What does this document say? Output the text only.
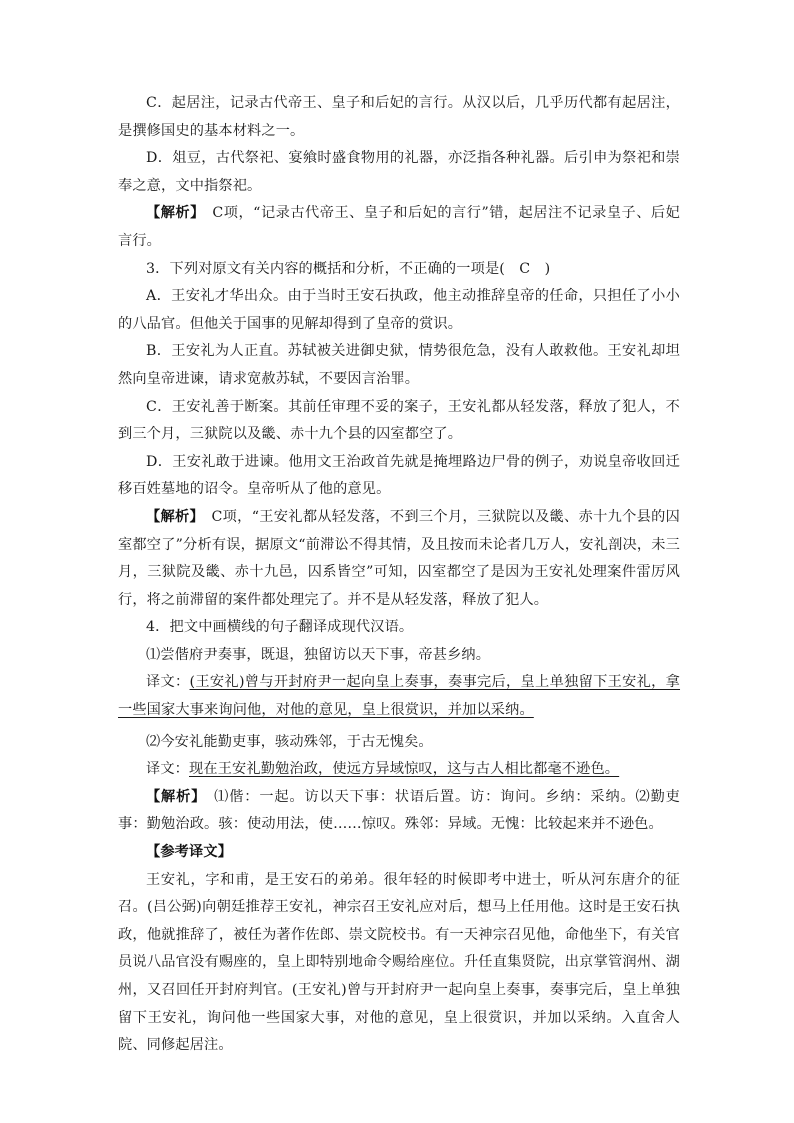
C．起居注，记录古代帝王、皇子和后妃的言行。从汉以后，几乎历代都有起居注，是撰修国史的基本材料之一。

D．俎豆，古代祭祀、宴飨时盛食物用的礼器，亦泛指各种礼器。后引申为祭祀和崇奉之意，文中指祭祀。

【解析】　 C项，“记录古代帝王、皇子和后妃的言行”错，起居注不记录皇子、后妃言行。

3．下列对原文有关内容的概括和分析，不正确的一项是(　C　)

A．王安礼才华出众。由于当时王安石执政，他主动推辞皇帝的任命，只担任了小小的八品官。但他关于国事的见解却得到了皇帝的赏识。

B．王安礼为人正直。苏轼被关进御史狱，情势很危急，没有人敢救他。王安礼却坦然向皇帝进谏，请求宽赦苏轼，不要因言治罪。

C．王安礼善于断案。其前任审理不妥的案子，王安礼都从轻发落，释放了犯人，不到三个月，三狱院以及畿、赤十九个县的囚室都空了。

D．王安礼敢于进谏。他用文王治政首先就是掩埋路边尸骨的例子，劝说皇帝收回迁移百姓墓地的诏令。皇帝听从了他的意见。

【解析】　 C项，“王安礼都从轻发落，不到三个月，三狱院以及畿、赤十九个县的囚室都空了”分析有误，据原文“前滞讼不得其情，及且按而未论者几万人，安礼剖决，未三月，三狱院及畿、赤十九邑，囚系皆空”可知，囚室都空了是因为王安礼处理案件雷厉风行，将之前滞留的案件都处理完了。并不是从轻发落，释放了犯人。

4．把文中画横线的句子翻译成现代汉语。

⑴尝偕府尹奏事，既退，独留访以天下事，帝甚乡纳。

译文：(王安礼)曾与开封府尹一起向皇上奏事，奏事完后，皇上单独留下王安礼，拿一些国家大事来询问他，对他的意见，皇上很赏识，并加以采纳。

⑵今安礼能勤吏事，骇动殊邻，于古无愧矣。

译文：现在王安礼勤勉治政，使远方异域惊叹，这与古人相比都毫不逊色。

【解析】　 ⑴偕：一起。访以天下事：状语后置。访：询问。乡纳：采纳。⑵勤吏事：勤勉治政。骇：使动用法，使……惊叹。殊邻：异域。无愧：比较起来并不逊色。

【参考译文】

王安礼，字和甫，是王安石的弟弟。很年轻的时候即考中进士，听从河东唐介的征召。(吕公弼)向朝廷推荐王安礼，神宗召王安礼应对后，想马上任用他。这时是王安石执政，他就推辞了，被任为著作佐郎、崇文院校书。有一天神宗召见他，命他坐下，有关官员说八品官没有赐座的，皇上即特别地命令赐给座位。升任直集贤院，出京掌管润州、湖州，又召回任开封府判官。(王安礼)曾与开封府尹一起向皇上奏事，奏事完后，皇上单独留下王安礼，询问他一些国家大事，对他的意见，皇上很赏识，并加以采纳。入直舍人院、同修起居注。
